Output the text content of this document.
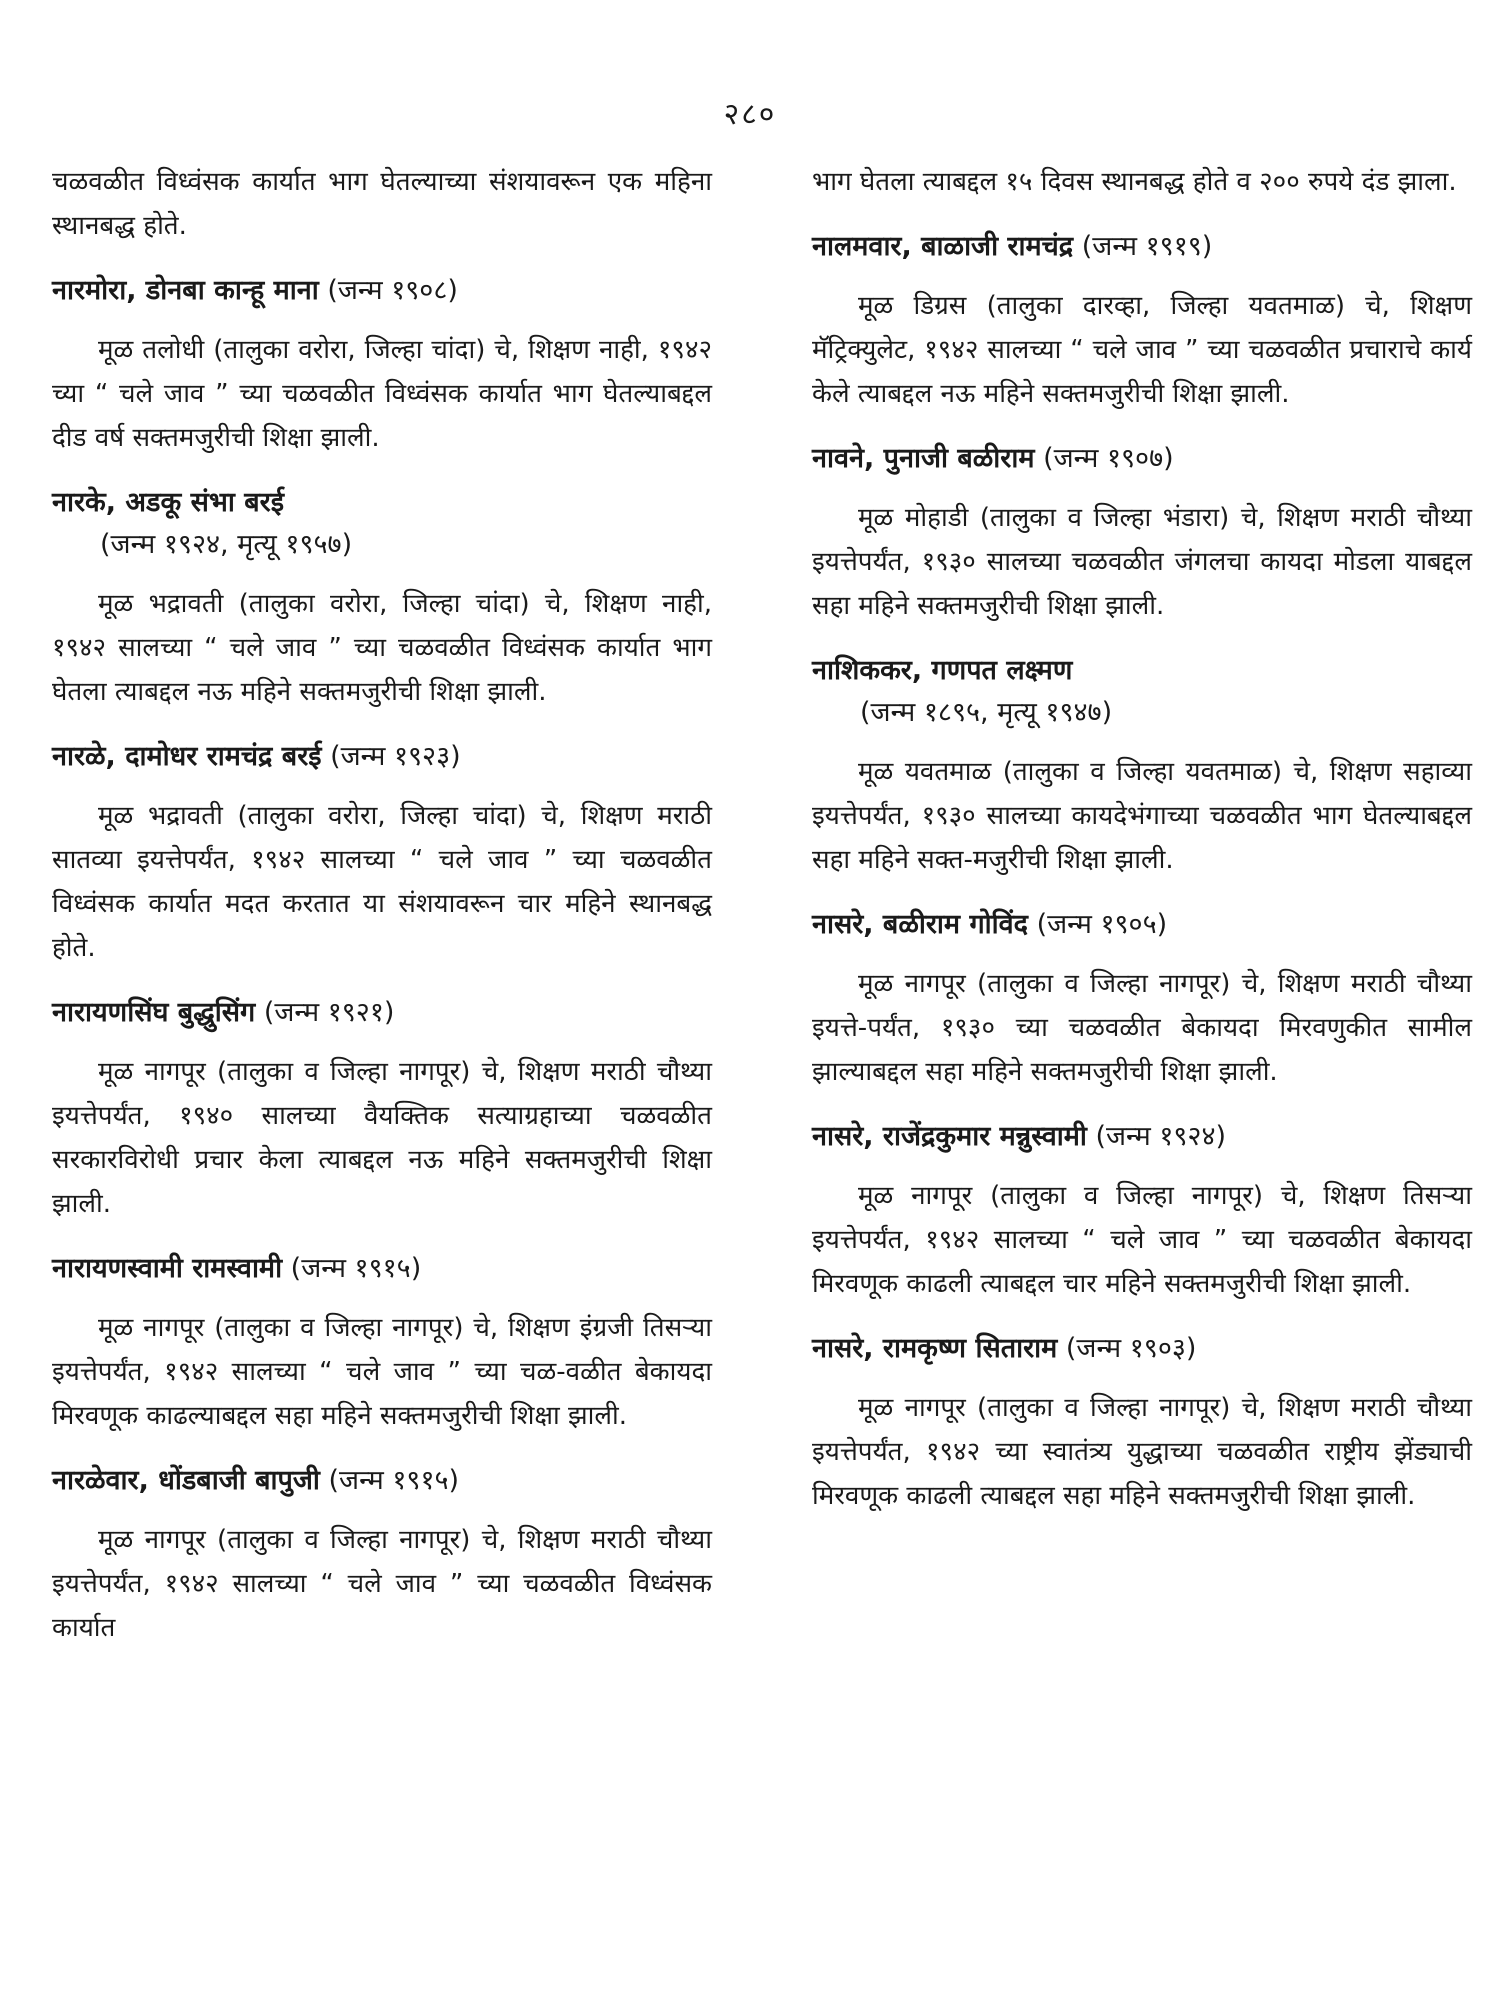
२८०

चळवळीत विध्वंसक कार्यात भाग घेतल्याच्या संशयावरून एक महिना स्थानबद्ध होते.

नारमोरा, डोनबा कान्हू माना (जन्म १९०८)

मूळ तलोधी (तालुका वरोरा, जिल्हा चांदा) चे, शिक्षण नाही, १९४२ च्या “ चले जाव ” च्या चळवळीत विध्वंसक कार्यात भाग घेतल्याबद्दल दीड वर्ष सक्तमजुरीची शिक्षा झाली.

नारके, अडकू संभा बरई
(जन्म १९२४, मृत्यू १९५७)

मूळ भद्रावती (तालुका वरोरा, जिल्हा चांदा) चे, शिक्षण नाही, १९४२ सालच्या “ चले जाव ” च्या चळवळीत विध्वंसक कार्यात भाग घेतला त्याबद्दल नऊ महिने सक्तमजुरीची शिक्षा झाली.

नारळे, दामोधर रामचंद्र बरई (जन्म १९२३)

मूळ भद्रावती (तालुका वरोरा, जिल्हा चांदा) चे, शिक्षण मराठी सातव्या इयत्तेपर्यंत, १९४२ सालच्या “ चले जाव ” च्या चळवळीत विध्वंसक कार्यात मदत करतात या संशयावरून चार महिने स्थानबद्ध होते.

नारायणसिंघ बुद्धुसिंग (जन्म १९२१)

मूळ नागपूर (तालुका व जिल्हा नागपूर) चे, शिक्षण मराठी चौथ्या इयत्तेपर्यंत, १९४० सालच्या वैयक्तिक सत्याग्रहाच्या चळवळीत सरकारविरोधी प्रचार केला त्याबद्दल नऊ महिने सक्तमजुरीची शिक्षा झाली.

नारायणस्वामी रामस्वामी (जन्म १९१५)

मूळ नागपूर (तालुका व जिल्हा नागपूर) चे, शिक्षण इंग्रजी तिसऱ्या इयत्तेपर्यंत, १९४२ सालच्या “ चले जाव ” च्या चळ-वळीत बेकायदा मिरवणूक काढल्याबद्दल सहा महिने सक्तमजुरीची शिक्षा झाली.

नारळेवार, धोंडबाजी बापुजी (जन्म १९१५)

मूळ नागपूर (तालुका व जिल्हा नागपूर) चे, शिक्षण मराठी चौथ्या इयत्तेपर्यंत, १९४२ सालच्या “ चले जाव ” च्या चळवळीत विध्वंसक कार्यात

भाग घेतला त्याबद्दल १५ दिवस स्थानबद्ध होते व २०० रुपये दंड झाला.

नालमवार, बाळाजी रामचंद्र (जन्म १९१९)

मूळ डिग्रस (तालुका दारव्हा, जिल्हा यवतमाळ) चे, शिक्षण मॅट्रिक्युलेट, १९४२ सालच्या “ चले जाव ” च्या चळवळीत प्रचाराचे कार्य केले त्याबद्दल नऊ महिने सक्तमजुरीची शिक्षा झाली.

नावने, पुनाजी बळीराम (जन्म १९०७)

मूळ मोहाडी (तालुका व जिल्हा भंडारा) चे, शिक्षण मराठी चौथ्या इयत्तेपर्यंत, १९३० सालच्या चळवळीत जंगलचा कायदा मोडला याबद्दल सहा महिने सक्तमजुरीची शिक्षा झाली.

नाशिककर, गणपत लक्ष्मण
(जन्म १८९५, मृत्यू १९४७)

मूळ यवतमाळ (तालुका व जिल्हा यवतमाळ) चे, शिक्षण सहाव्या इयत्तेपर्यंत, १९३० सालच्या कायदेभंगाच्या चळवळीत भाग घेतल्याबद्दल सहा महिने सक्त-मजुरीची शिक्षा झाली.

नासरे, बळीराम गोविंद (जन्म १९०५)

मूळ नागपूर (तालुका व जिल्हा नागपूर) चे, शिक्षण मराठी चौथ्या इयत्ते-पर्यंत, १९३० च्या चळवळीत बेकायदा मिरवणुकीत सामील झाल्याबद्दल सहा महिने सक्तमजुरीची शिक्षा झाली.

नासरे, राजेंद्रकुमार मन्नुस्वामी (जन्म १९२४)

मूळ नागपूर (तालुका व जिल्हा नागपूर) चे, शिक्षण तिसऱ्या इयत्तेपर्यंत, १९४२ सालच्या “ चले जाव ” च्या चळवळीत बेकायदा मिरवणूक काढली त्याबद्दल चार महिने सक्तमजुरीची शिक्षा झाली.

नासरे, रामकृष्ण सिताराम (जन्म १९०३)

मूळ नागपूर (तालुका व जिल्हा नागपूर) चे, शिक्षण मराठी चौथ्या इयत्तेपर्यंत, १९४२ च्या स्वातंत्र्य युद्धाच्या चळवळीत राष्ट्रीय झेंड्याची मिरवणूक काढली त्याबद्दल सहा महिने सक्तमजुरीची शिक्षा झाली.
